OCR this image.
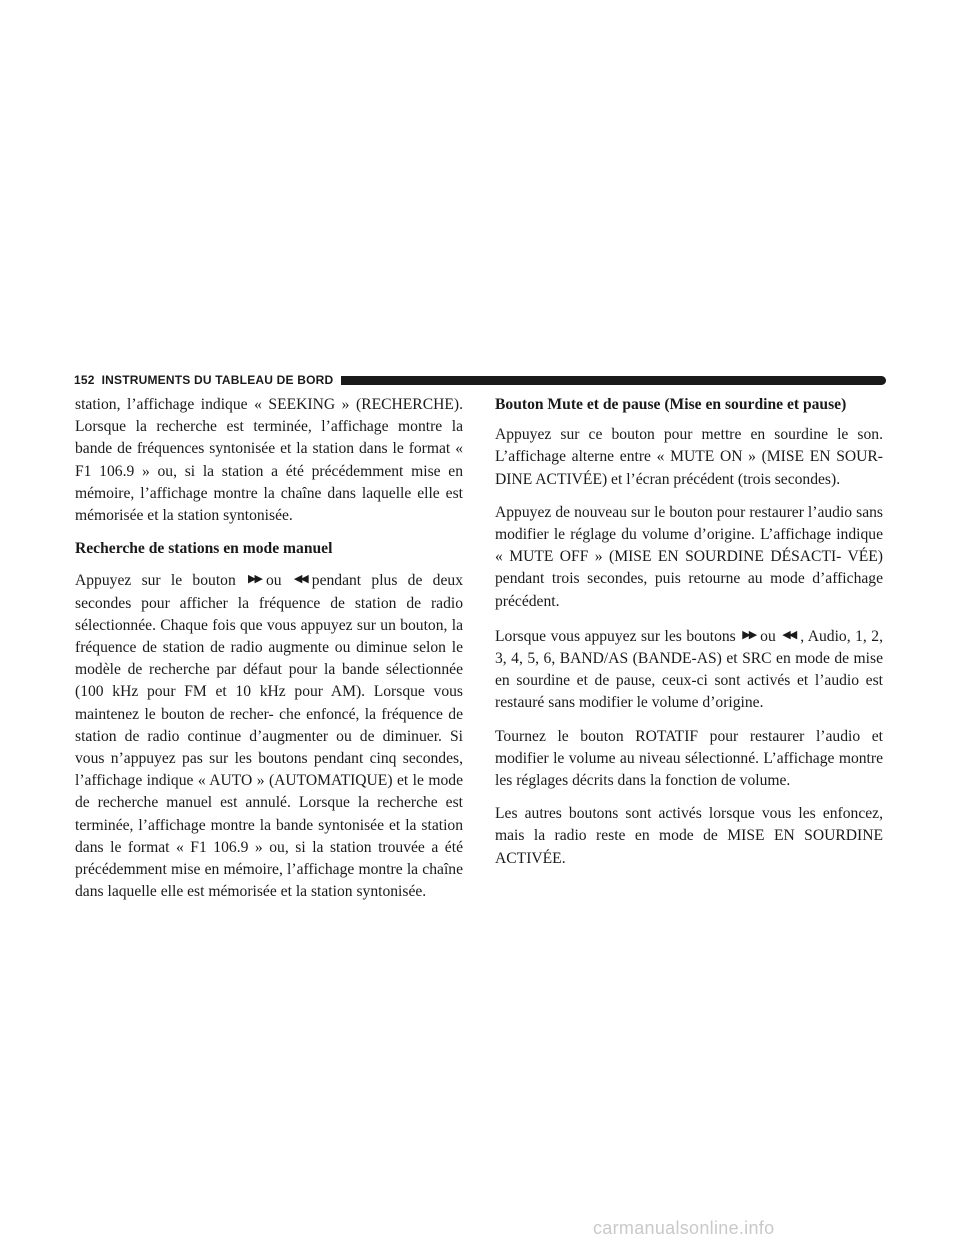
152 INSTRUMENTS DU TABLEAU DE BORD

station, l’affichage indique « SEEKING » (RECHERCHE). Lorsque la recherche est terminée, l’affichage montre la bande de fréquences syntonisée et la station dans le format « F1 106.9 » ou, si la station a été précédemment mise en mémoire, l’affichage montre la chaîne dans laquelle elle est mémorisée et la station syntonisée.

Recherche de stations en mode manuel

Appuyez sur le bouton ▶▶ ou ◀◀ pendant plus de deux secondes pour afficher la fréquence de station de radio sélectionnée. Chaque fois que vous appuyez sur un bouton, la fréquence de station de radio augmente ou diminue selon le modèle de recherche par défaut pour la bande sélectionnée (100 kHz pour FM et 10 kHz pour AM). Lorsque vous maintenez le bouton de recher- che enfoncé, la fréquence de station de radio continue d’augmenter ou de diminuer. Si vous n’appuyez pas sur les boutons pendant cinq secondes, l’affichage indique « AUTO » (AUTOMATIQUE) et le mode de recherche manuel est annulé. Lorsque la recherche est terminée, l’affichage montre la bande syntonisée et la station dans le format « F1 106.9 » ou, si la station trouvée a été précédemment mise en mémoire, l’affichage montre la chaîne dans laquelle elle est mémorisée et la station syntonisée.

Bouton Mute et de pause (Mise en sourdine et pause)

Appuyez sur ce bouton pour mettre en sourdine le son. L’affichage alterne entre « MUTE ON » (MISE EN SOUR- DINE ACTIVÉE) et l’écran précédent (trois secondes).

Appuyez de nouveau sur le bouton pour restaurer l’audio sans modifier le réglage du volume d’origine. L’affichage indique « MUTE OFF » (MISE EN SOURDINE DÉSACTI- VÉE) pendant trois secondes, puis retourne au mode d’affichage précédent.

Lorsque vous appuyez sur les boutons ▶▶ ou ◀◀ , Audio, 1, 2, 3, 4, 5, 6, BAND/AS (BANDE-AS) et SRC en mode de mise en sourdine et de pause, ceux-ci sont activés et l’audio est restauré sans modifier le volume d’origine.

Tournez le bouton ROTATIF pour restaurer l’audio et modifier le volume au niveau sélectionné. L’affichage montre les réglages décrits dans la fonction de volume.

Les autres boutons sont activés lorsque vous les enfoncez, mais la radio reste en mode de MISE EN SOURDINE ACTIVÉE.

carmanualsonline.info
